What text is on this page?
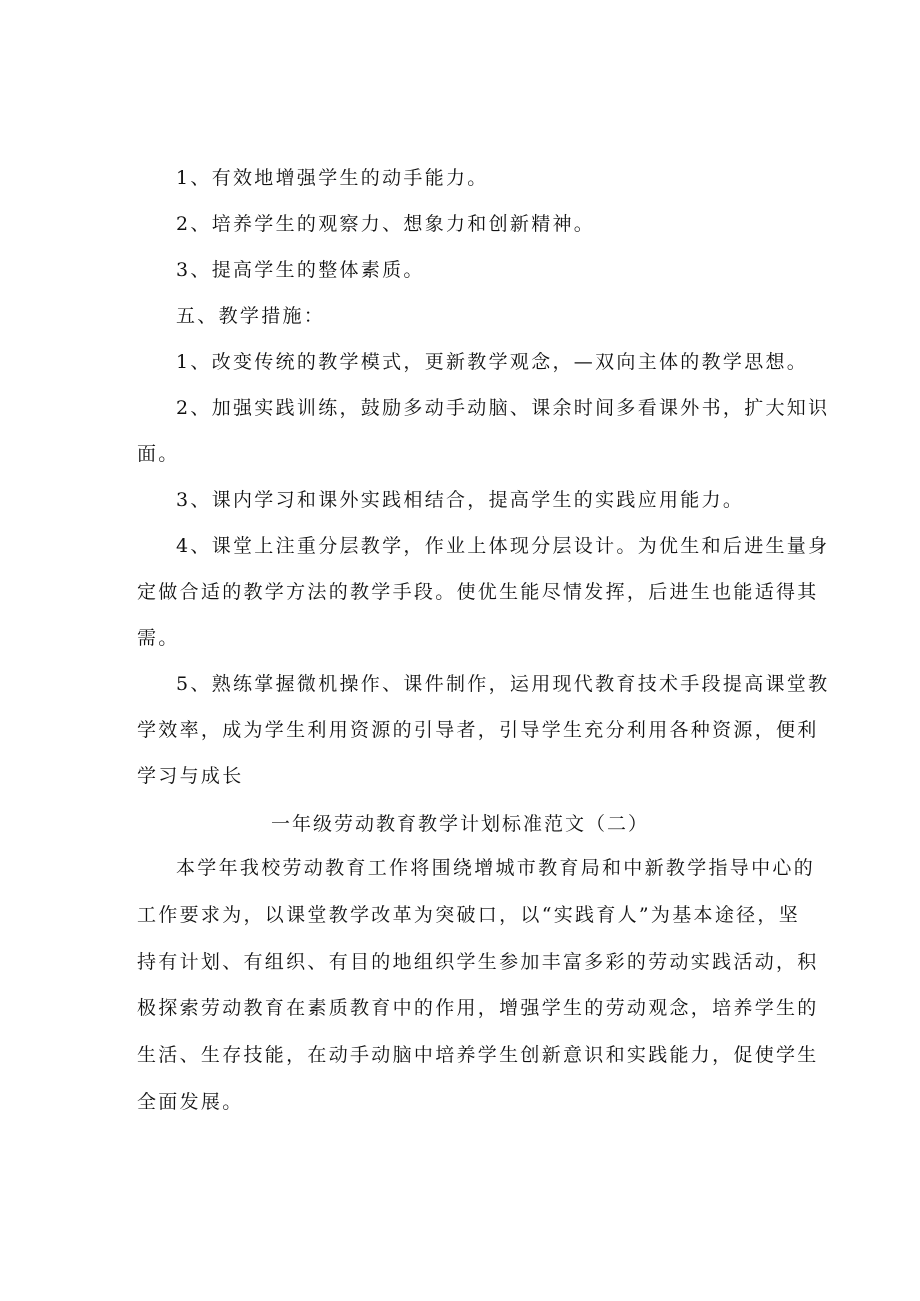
1、有效地增强学生的动手能力。
2、培养学生的观察力、想象力和创新精神。
3、提高学生的整体素质。
五、教学措施：
1、改变传统的教学模式，更新教学观念，—双向主体的教学思想。
2、加强实践训练，鼓励多动手动脑、课余时间多看课外书，扩大知识
面。
3、课内学习和课外实践相结合，提高学生的实践应用能力。
4、课堂上注重分层教学，作业上体现分层设计。为优生和后进生量身
定做合适的教学方法的教学手段。使优生能尽情发挥，后进生也能适得其
需。
5、熟练掌握微机操作、课件制作，运用现代教育技术手段提高课堂教
学效率，成为学生利用资源的引导者，引导学生充分利用各种资源，便利
学习与成长
一年级劳动教育教学计划标准范文（二）
本学年我校劳动教育工作将围绕增城市教育局和中新教学指导中心的
工作要求为，以课堂教学改革为突破口，以“实践育人”为基本途径，坚
持有计划、有组织、有目的地组织学生参加丰富多彩的劳动实践活动，积
极探索劳动教育在素质教育中的作用，增强学生的劳动观念，培养学生的
生活、生存技能，在动手动脑中培养学生创新意识和实践能力，促使学生
全面发展。
